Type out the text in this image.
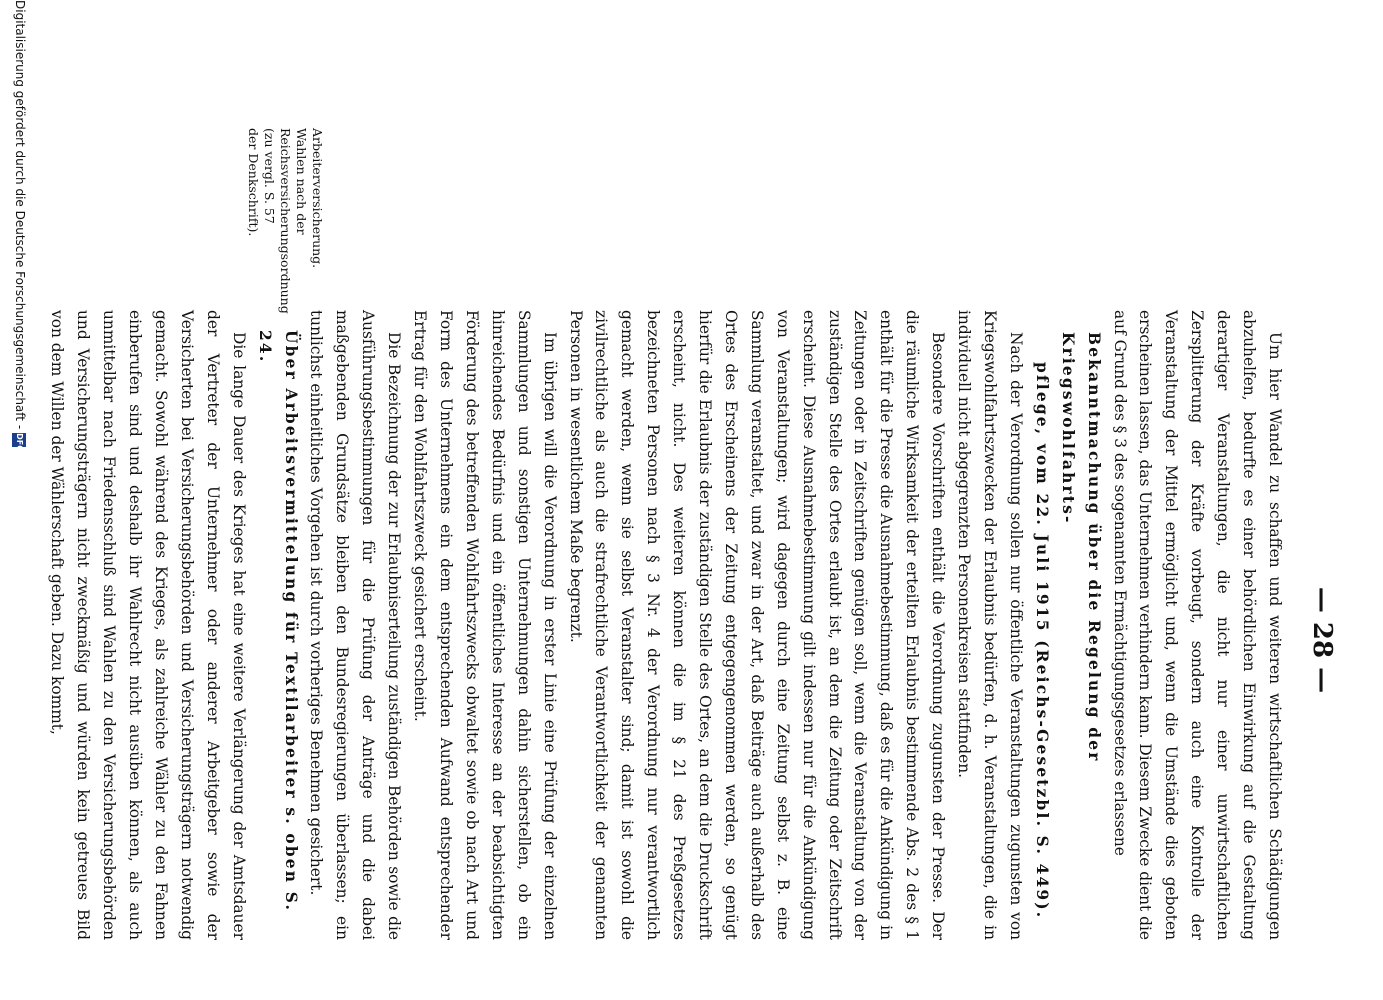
— 28 —

Um hier Wandel zu schaffen und weiteren wirtschaftlichen Schädigungen abzuhelfen, bedurfte es einer behördlichen Einwirkung auf die Gestaltung derartiger Veranstaltungen, die nicht nur einer unwirtschaftlichen Zersplitterung der Kräfte vorbeugt, sondern auch eine Kontrolle der Veranstaltung der Mittel ermöglicht und, wenn die Umstände dies geboten erscheinen lassen, das Unternehmen verhindern kann. Diesem Zwecke dient die auf Grund des § 3 des sogenannten Ermächtigungsgesetzes erlassene

Bekanntmachung über die Regelung der Kriegswohlfahrts-
pflege, vom 22. Juli 1915 (Reichs-Gesetzbl. S. 449).

Nach der Verordnung sollen nur öffentliche Veranstaltungen zugunsten von Kriegswohlfahrtszwecken der Erlaubnis bedürfen, d. h. Veranstaltungen, die in individuell nicht abgegrenzten Personenkreisen stattfinden.

Besondere Vorschriften enthält die Verordnung zugunsten der Presse. Der die räumliche Wirksamkeit der erteilten Erlaubnis bestimmende Abs. 2 des § 1 enthält für die Presse die Ausnahmebestimmung, daß es für die Ankündigung in Zeitungen oder in Zeitschriften genügen soll, wenn die Veranstaltung von der zuständigen Stelle des Ortes erlaubt ist, an dem die Zeitung oder Zeitschrift erscheint. Diese Ausnahmebestimmung gilt indessen nur für die Ankündigung von Veranstaltungen; wird dagegen durch eine Zeitung selbst z. B. eine Sammlung veranstaltet, und zwar in der Art, daß Beiträge auch außerhalb des Ortes des Erscheinens der Zeitung entgegengenommen werden, so genügt hierfür die Erlaubnis der zuständigen Stelle des Ortes, an dem die Druckschrift erscheint, nicht. Des weiteren können die im § 21 des Preßgesetzes bezeichneten Personen nach § 3 Nr. 4 der Verordnung nur verantwortlich gemacht werden, wenn sie selbst Veranstalter sind; damit ist sowohl die zivilrechtliche als auch die strafrechtliche Verantwortlichkeit der genannten Personen in wesentlichem Maße begrenzt.

Im übrigen will die Verordnung in erster Linie eine Prüfung der einzelnen Sammlungen und sonstigen Unternehmungen dahin sicherstellen, ob ein hinreichendes Bedürfnis und ein öffentliches Interesse an der beabsichtigten Förderung des betreffenden Wohlfahrtszwecks obwaltet sowie ob nach Art und Form des Unternehmens ein dem entsprechenden Aufwand entsprechender Ertrag für den Wohlfahrtszweck gesichert erscheint.

Die Bezeichnung der zur Erlaubniserteilung zuständigen Behörden sowie die Ausführungsbestimmungen für die Prüfung der Anträge und die dabei maßgebenden Grundsätze bleiben den Bundesregierungen überlassen; ein tunlichst einheitliches Vorgehen ist durch vorheriges Benehmen gesichert.

Über Arbeitsvermittelung für Textilarbeiter s. oben S. 24.

Die lange Dauer des Krieges hat eine weitere Verlängerung der Amtsdauer der Vertreter der Unternehmer oder anderer Arbeitgeber sowie der Versicherten bei Versicherungsbehörden und Versicherungsträgern notwendig gemacht. Sowohl während des Krieges, als zahlreiche Wähler zu den Fahnen einberufen sind und deshalb ihr Wahlrecht nicht ausüben können, als auch unmittelbar nach Friedensschluß sind Wahlen zu den Versicherungsbehörden und Versicherungsträgern nicht zweckmäßig und würden kein getreues Bild von dem Willen der Wählerschaft geben. Dazu kommt,

Arbeiterversicherung. Wahlen nach der Reichsversicherungsordnung (zu vergl. S. 57 der Denkschrift).
Digitalisierung gefördert durch die Deutsche Forschungsgemeinschaft -DFG
